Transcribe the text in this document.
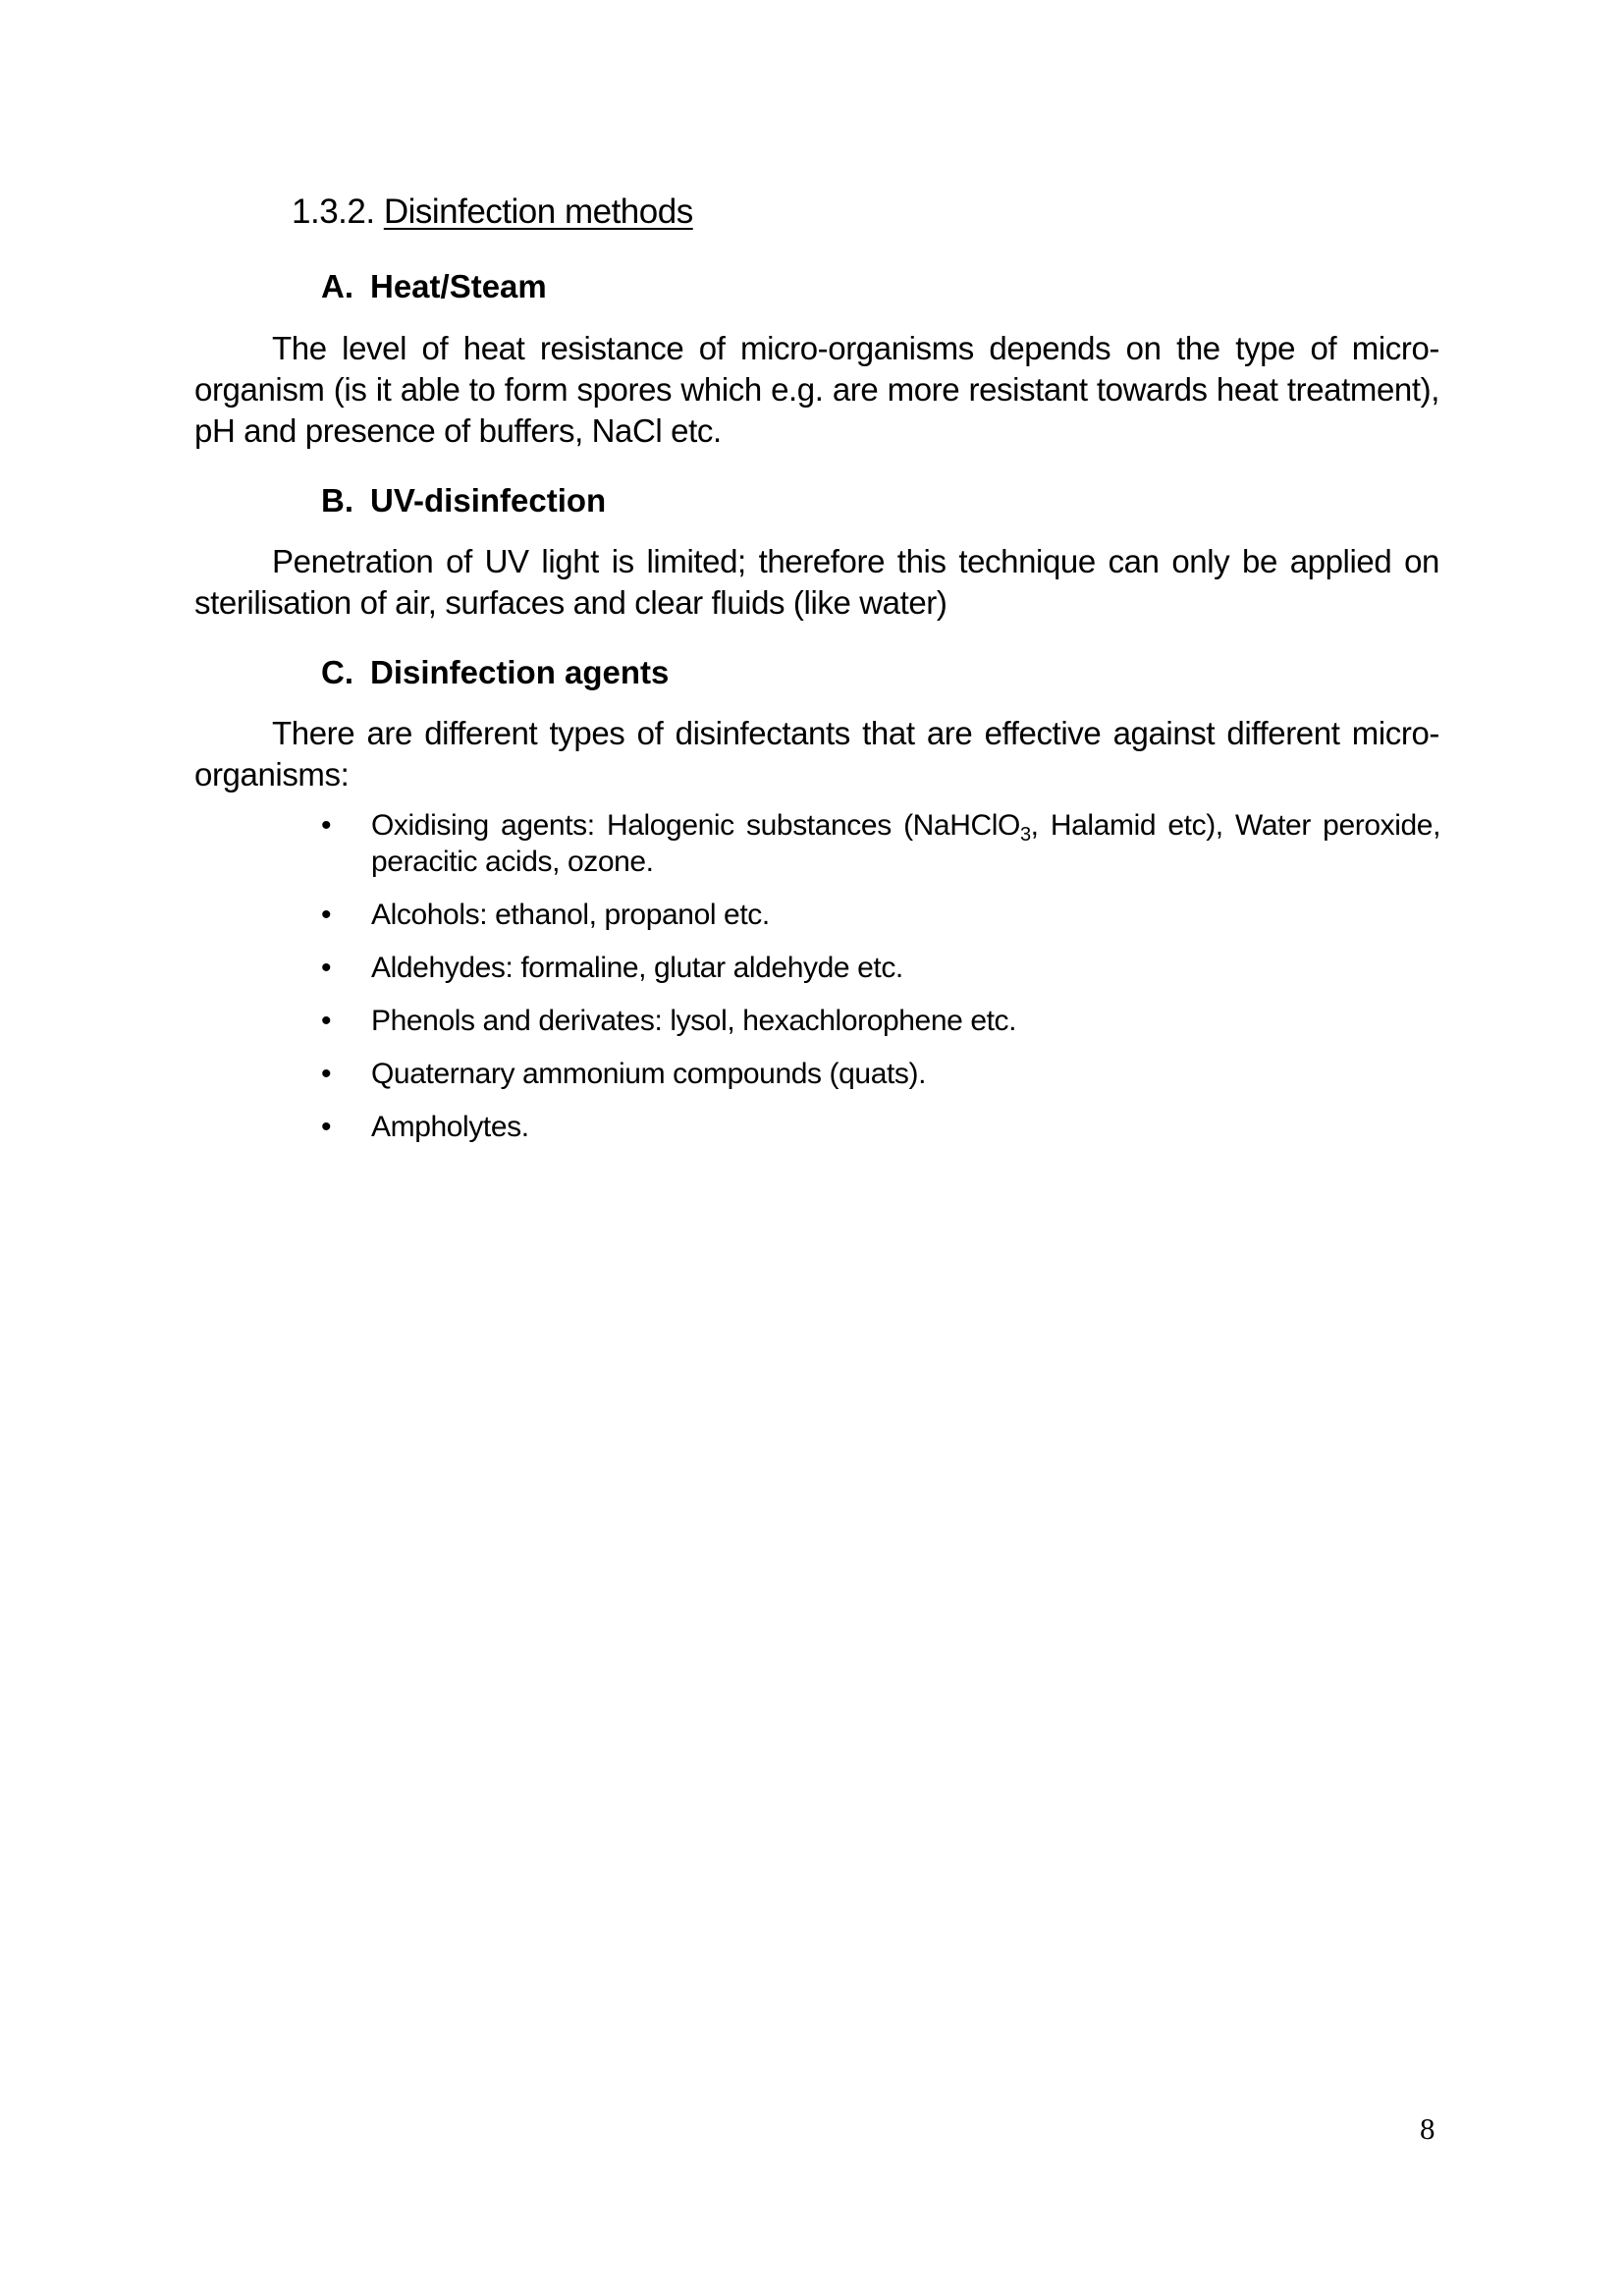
1.3.2. Disinfection methods
A. Heat/Steam
The level of heat resistance of micro-organisms depends on the type of micro-
organism (is it able to form spores which e.g. are more resistant towards heat treatment),
pH and presence of buffers, NaCl etc.
B. UV-disinfection
Penetration of UV light is limited; therefore this technique can only be applied on
sterilisation of air, surfaces and clear fluids (like water)
C. Disinfection agents
There are different types of disinfectants that are effective against different micro-
organisms:
• Oxidising agents: Halogenic substances (NaHClO$_3$, Halamid etc), Water peroxide,
peracitic acids, ozone.
• Alcohols: ethanol, propanol etc.
• Aldehydes: formaline, glutar aldehyde etc.
• Phenols and derivates: lysol, hexachlorophene etc.
• Quaternary ammonium compounds (quats).
• Ampholytes.
8
